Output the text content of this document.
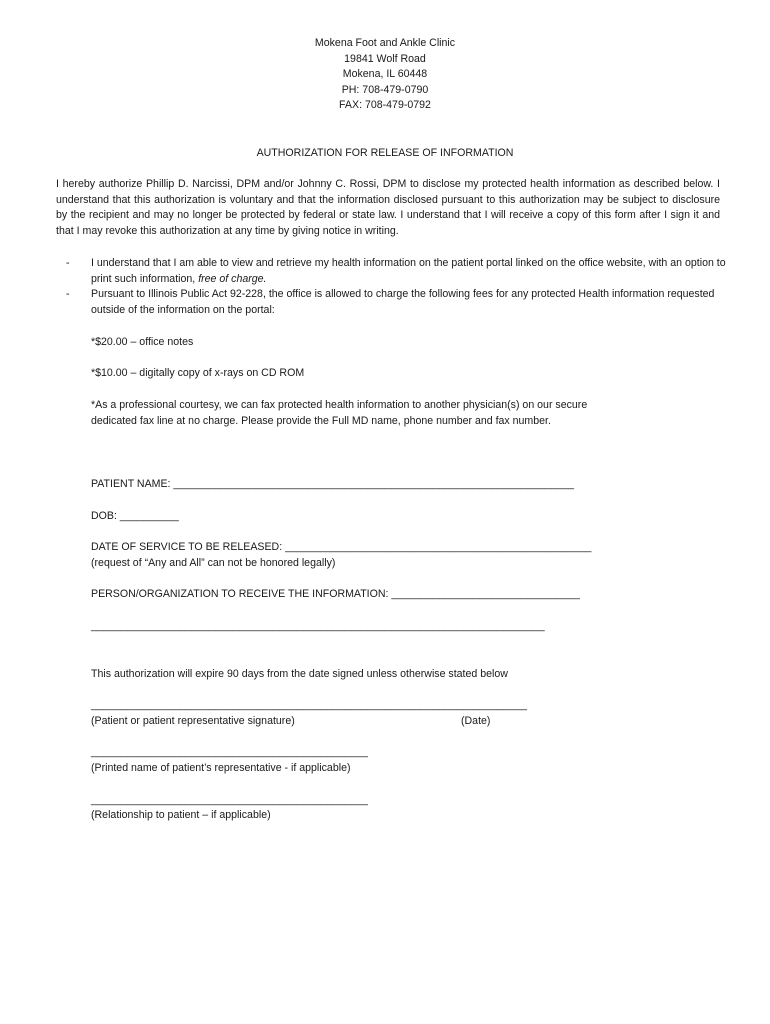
Mokena Foot and Ankle Clinic
19841 Wolf Road
Mokena, IL 60448
PH: 708-479-0790
FAX: 708-479-0792
AUTHORIZATION FOR RELEASE OF INFORMATION
I hereby authorize Phillip D. Narcissi, DPM and/or Johnny C. Rossi, DPM to disclose my protected health information as described below. I understand that this authorization is voluntary and that the information disclosed pursuant to this authorization may be subject to disclosure by the recipient and may no longer be protected by federal or state law. I understand that I will receive a copy of this form after I sign it and that I may revoke this authorization at any time by giving notice in writing.
- I understand that I am able to view and retrieve my health information on the patient portal linked on the office website, with an option to print such information, free of charge.
- Pursuant to Illinois Public Act 92-228, the office is allowed to charge the following fees for any protected Health information requested outside of the information on the portal:
*$20.00 – office notes
*$10.00 – digitally copy of x-rays on CD ROM
*As a professional courtesy, we can fax protected health information to another physician(s) on our secure dedicated fax line at no charge. Please provide the Full MD name, phone number and fax number.
PATIENT NAME: ____________________________________________________________________
DOB: __________
DATE OF SERVICE TO BE RELEASED: ____________________________________________________
(request of “Any and All” can not be honored legally)
PERSON/ORGANIZATION TO RECEIVE THE INFORMATION: ________________________________
_____________________________________________________________________________
This authorization will expire 90 days from the date signed unless otherwise stated below
__________________________________________________________________________
(Patient or patient representative signature)	(Date)
_______________________________________________
(Printed name of patient’s representative - if applicable)
_______________________________________________
(Relationship to patient – if applicable)
